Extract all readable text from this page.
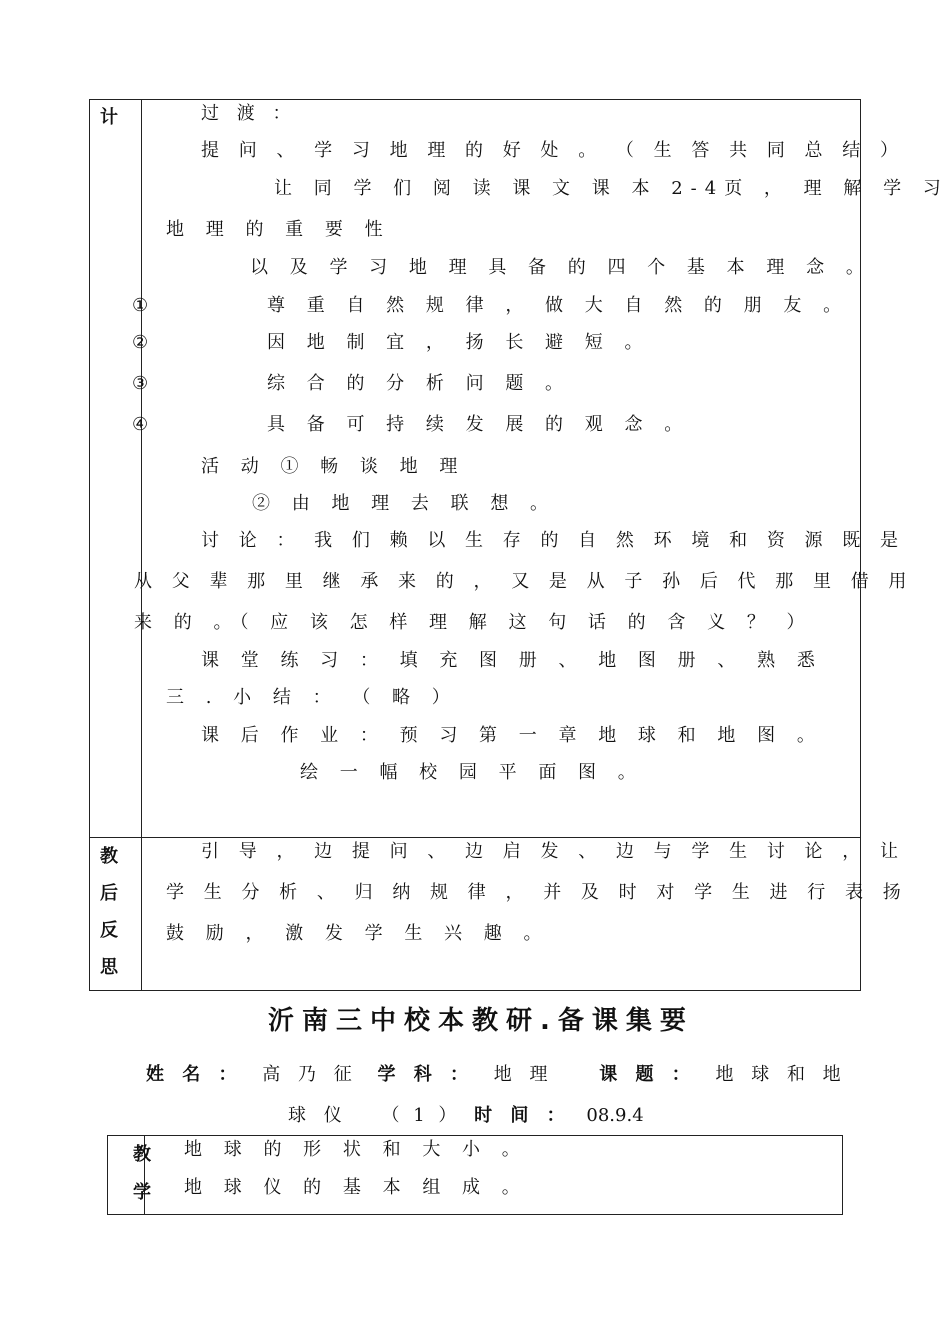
计	过 渡 ：
提 问 、 学 习 地 理 的 好 处 。 （ 生 答 共 同 总 结 ）
让 同 学 们 阅 读 课 文 课 本 2-4页 ， 理 解 学 习
地 理 的 重 要 性
以 及 学 习 地 理 具 备 的 四 个 基 本 理 念 。
①	尊 重 自 然 规 律 ， 做 大 自 然 的 朋 友 。
②	因 地 制 宜 ， 扬 长 避 短 。
③	综 合 的 分 析 问 题 。
④	具 备 可 持 续 发 展 的 观 念 。
活 动 ① 畅 谈 地 理
② 由 地 理 去 联 想 。
讨 论 ： 我 们 赖 以 生 存 的 自 然 环 境 和 资 源 既 是
从 父 辈 那 里 继 承 来 的 ， 又 是 从 子 孙 后 代 那 里 借 用
来 的 。（ 应 该 怎 样 理 解 这 句 话 的 含 义 ？ ）
课 堂 练 习 ： 填 充 图 册 、 地 图 册 、 熟 悉
三 . 小 结 ： （ 略 ）
课 后 作 业 ： 预 习 第 一 章 地 球 和 地 图 。
绘 一 幅 校 园 平 面 图 。
教
后
反
思
引 导 ， 边 提 问 、 边 启 发 、 边 与 学 生 讨 论 ， 让
学 生 分 析 、 归 纳 规 律 ， 并 及 时 对 学 生 进 行 表 扬
鼓 励 ， 激 发 学 生 兴 趣 。
沂南三中校本教研.备课集要
姓 名 ： 高 乃 征 学 科 ： 地 理	课 题 ： 地 球 和 地
球 仪 （ 1 ） 时 间 ： 08.9.4
教
学
地 球 的 形 状 和 大 小 。
地 球 仪 的 基 本 组 成 。
